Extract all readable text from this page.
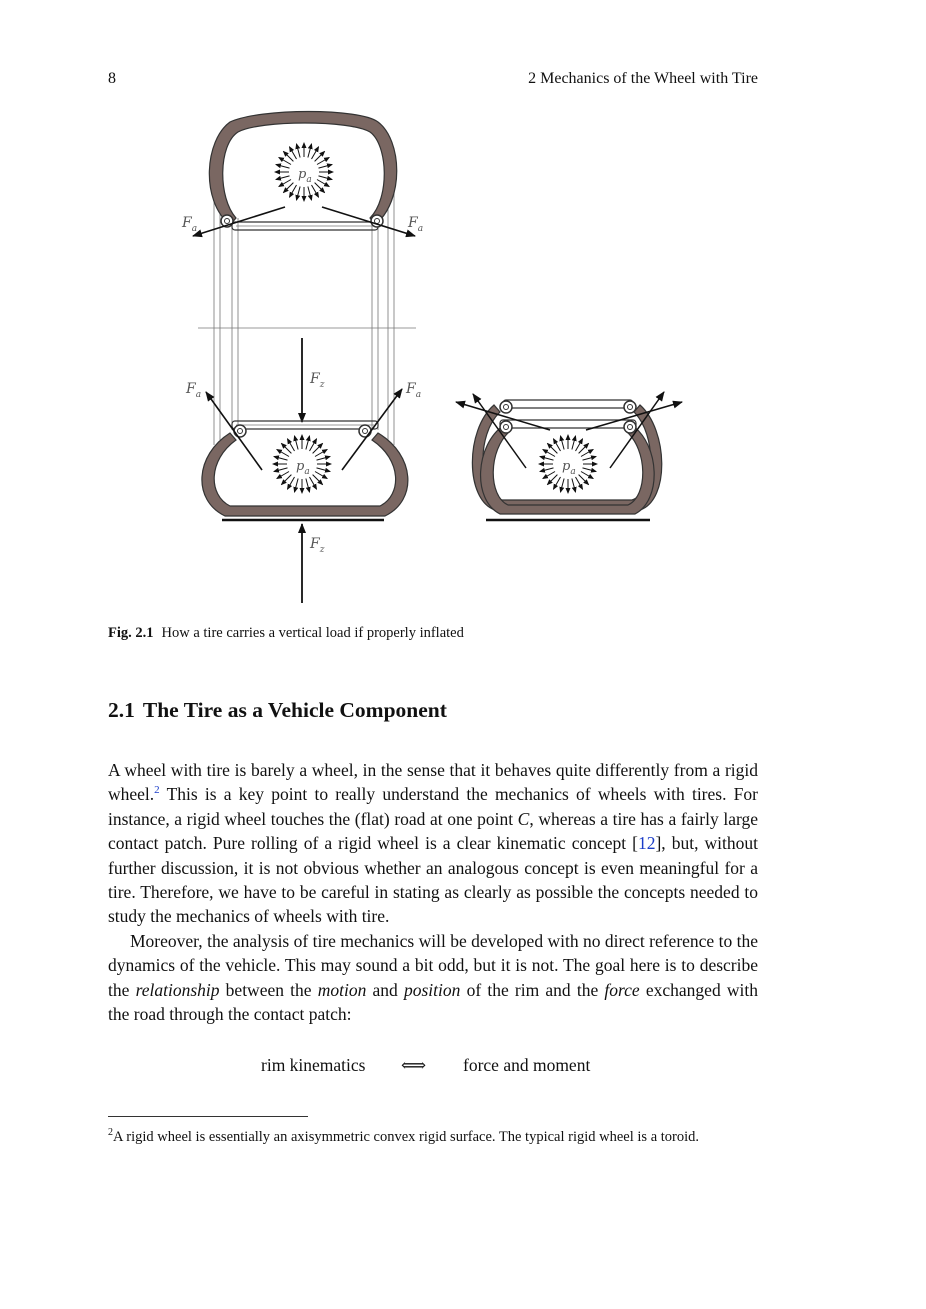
8	2 Mechanics of the Wheel with Tire
$p_a$
$F_a$	$F_a$
$F_z$
$p_a$
$F_a$	$F_a$
$F_z$
$p_a$
Fig. 2.1 How a tire carries a vertical load if properly inflated
2.1 The Tire as a Vehicle Component

A wheel with tire is barely a wheel, in the sense that it behaves quite differently from a rigid wheel.$^2$ This is a key point to really understand the mechanics of wheels with tires. For instance, a rigid wheel touches the (flat) road at one point C, whereas a tire has a fairly large contact patch. Pure rolling of a rigid wheel is a clear kinematic concept [12], but, without further discussion, it is not obvious whether an analogous concept is even meaningful for a tire. Therefore, we have to be careful in stating as clearly as possible the concepts needed to study the mechanics of wheels with tire.

Moreover, the analysis of tire mechanics will be developed with no direct reference to the dynamics of the vehicle. This may sound a bit odd, but it is not. The goal here is to describe the relationship between the motion and position of the rim and the force exchanged with the road through the contact patch:

rim kinematics ⟺ force and moment
$^2$A rigid wheel is essentially an axisymmetric convex rigid surface. The typical rigid wheel is a toroid.
